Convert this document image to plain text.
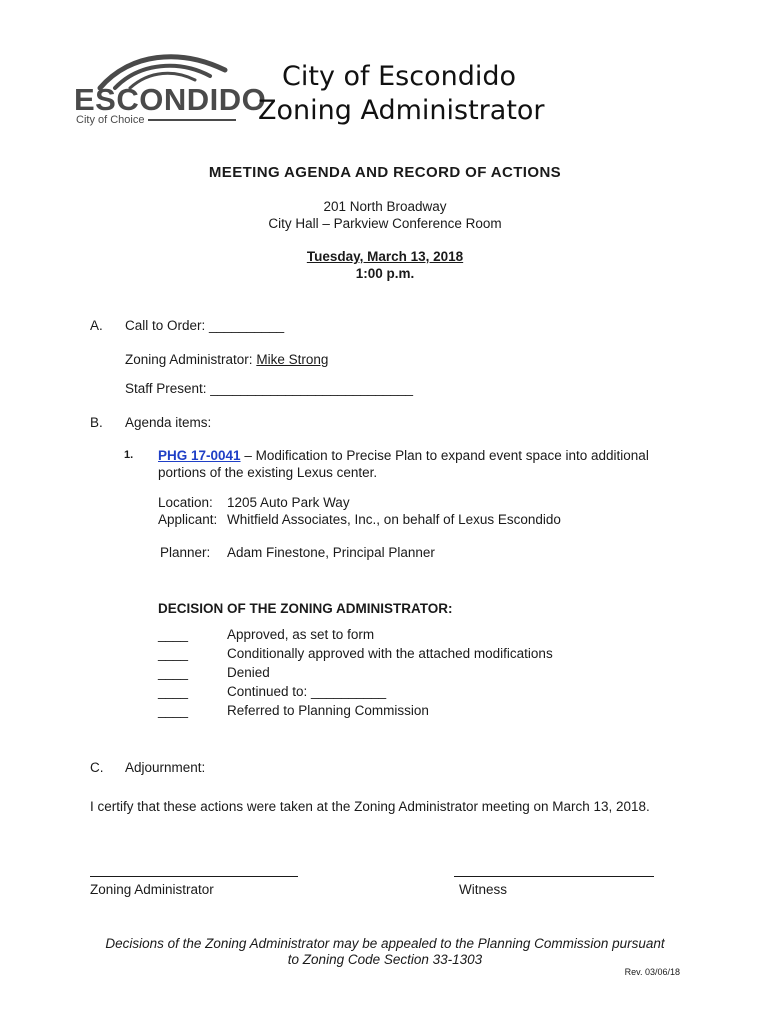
ESCONDIDO
City of Choice
City of Escondido
Zoning Administrator
MEETING AGENDA AND RECORD OF ACTIONS
201 North Broadway
City Hall – Parkview Conference Room
Tuesday, March 13, 2018
1:00 p.m.
A. Call to Order: __________
Zoning Administrator: Mike Strong
Staff Present: ___________________________
B. Agenda items:
1. PHG 17-0041 – Modification to Precise Plan to expand event space into additional
portions of the existing Lexus center.
Location: 1205 Auto Park Way
Applicant: Whitfield Associates, Inc., on behalf of Lexus Escondido
Planner: Adam Finestone, Principal Planner
DECISION OF THE ZONING ADMINISTRATOR:
____
____
____
____
____
Approved, as set to form
Conditionally approved with the attached modifications
Denied
Continued to: __________
Referred to Planning Commission
C. Adjournment:
I certify that these actions were taken at the Zoning Administrator meeting on March 13, 2018.
Zoning Administrator	Witness
Decisions of the Zoning Administrator may be appealed to the Planning Commission pursuant
to Zoning Code Section 33-1303
Rev. 03/06/18
